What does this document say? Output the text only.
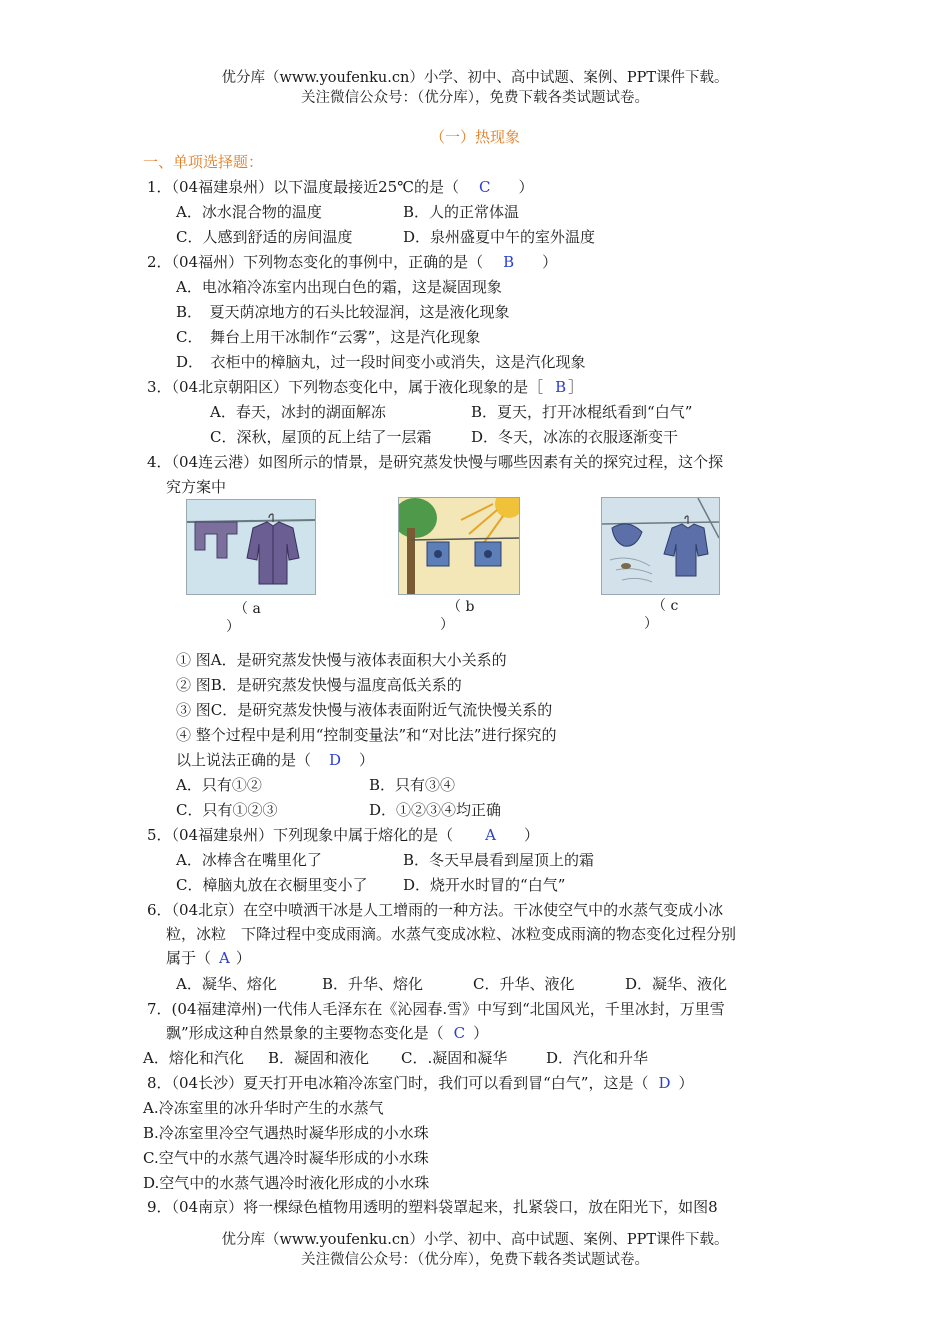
优分库（www.youfenku.cn）小学、初中、高中试题、案例、PPT课件下载。
关注微信公众号：（优分库），免费下载各类试题试卷。
（一）热现象
一、单项选择题：
1．（04福建泉州）以下温度最接近25℃的是（ C ）
A．冰水混合物的温度	B．人的正常体温
C．人感到舒适的房间温度	D．泉州盛夏中午的室外温度
2．（04福州）下列物态变化的事例中，正确的是（ B ）
A．电冰箱冷冻室内出现白色的霜，这是凝固现象
B．　夏天荫凉地方的石头比较湿润，这是液化现象
C．　舞台上用干冰制作“云雾”，这是汽化现象
D．　衣柜中的樟脑丸，过一段时间变小或消失，这是汽化现象
3．（04北京朝阳区）下列物态变化中，属于液化现象的是［ B ］
A．春天，冰封的湖面解冻	B．夏天，打开冰棍纸看到“白气”
C．深秋，屋顶的瓦上结了一层霜	D．冬天，冰冻的衣服逐渐变干
4．（04连云港）如图所示的情景，是研究蒸发快慢与哪些因素有关的探究过程，这个探
究方案中
（ a
）
（ b
）
（ c
）
① 图A．是研究蒸发快慢与液体表面积大小关系的
② 图B．是研究蒸发快慢与温度高低关系的
③ 图C．是研究蒸发快慢与液体表面附近气流快慢关系的
④ 整个过程中是利用“控制变量法”和“对比法”进行探究的
以上说法正确的是（ D ）
A．只有①②	B．只有③④
C．只有①②③	D．①②③④均正确
5．（04福建泉州）下列现象中属于熔化的是（ A ）
A．冰棒含在嘴里化了	B．冬天早晨看到屋顶上的霜
C．樟脑丸放在衣橱里变小了 D．烧开水时冒的“白气”
6．（04北京）在空中喷洒干冰是人工增雨的一种方法。干冰使空气中的水蒸气变成小冰
粒，冰粒　下降过程中变成雨滴。水蒸气变成冰粒、冰粒变成雨滴的物态变化过程分别
属于（ A ）
A．凝华、熔化	B．升华、熔化	C．升华、液化	D．凝华、液化
7．(04福建漳州)一代伟人毛泽东在《沁园春.雪》中写到“北国风光，千里冰封，万里雪
飘”形成这种自然景象的主要物态变化是（ C ）
A．熔化和汽化 B．凝固和液化 C．.凝固和凝华	D．汽化和升华
8．（04长沙）夏天打开电冰箱冷冻室门时，我们可以看到冒“白气”，这是（ D ）
A.冷冻室里的冰升华时产生的水蒸气
B.冷冻室里冷空气遇热时凝华形成的小水珠
C.空气中的水蒸气遇冷时凝华形成的小水珠
D.空气中的水蒸气遇冷时液化形成的小水珠
9．（04南京）将一棵绿色植物用透明的塑料袋罩起来，扎紧袋口，放在阳光下，如图8
优分库（www.youfenku.cn）小学、初中、高中试题、案例、PPT课件下载。
关注微信公众号：（优分库），免费下载各类试题试卷。
